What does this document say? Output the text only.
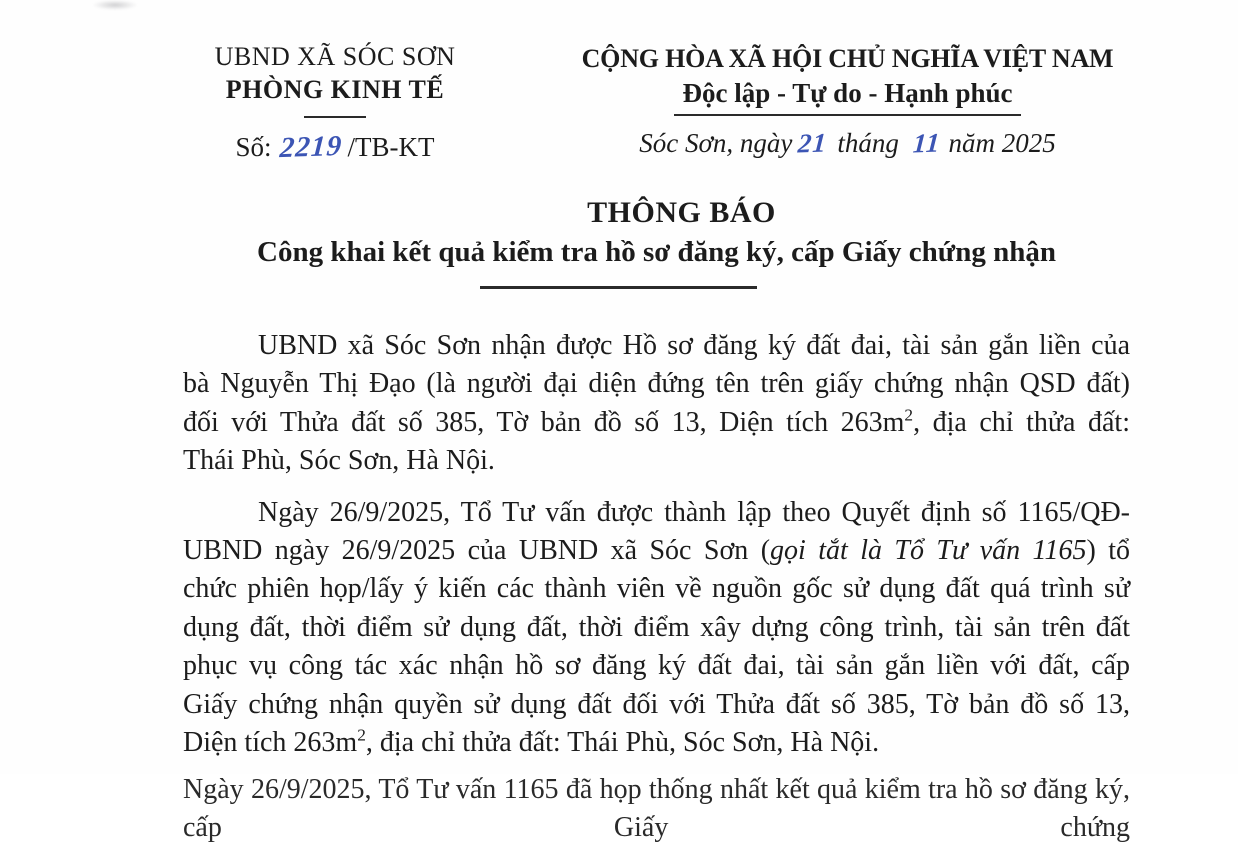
UBND XÃ SÓC SƠN
PHÒNG KINH TẾ
Số: 2219 /TB-KT
CỘNG HÒA XÃ HỘI CHỦ NGHĨA VIỆT NAM
Độc lập - Tự do - Hạnh phúc
Sóc Sơn, ngày 21 tháng 11 năm 2025
THÔNG BÁO
Công khai kết quả kiểm tra hồ sơ đăng ký, cấp Giấy chứng nhận
UBND xã Sóc Sơn nhận được Hồ sơ đăng ký đất đai, tài sản gắn liền của
bà Nguyễn Thị Đạo (là người đại diện đứng tên trên giấy chứng nhận QSD đất)
đối với Thửa đất số 385, Tờ bản đồ số 13, Diện tích $263m^2$, địa chỉ thửa đất:
Thái Phù, Sóc Sơn, Hà Nội.
Ngày 26/9/2025, Tổ Tư vấn được thành lập theo Quyết định số 1165/QĐ-
UBND ngày 26/9/2025 của UBND xã Sóc Sơn (gọi tắt là Tổ Tư vấn 1165) tổ
chức phiên họp/lấy ý kiến các thành viên về nguồn gốc sử dụng đất quá trình sử
dụng đất, thời điểm sử dụng đất, thời điểm xây dựng công trình, tài sản trên đất
phục vụ công tác xác nhận hồ sơ đăng ký đất đai, tài sản gắn liền với đất, cấp
Giấy chứng nhận quyền sử dụng đất đối với Thửa đất số 385, Tờ bản đồ số 13,
Diện tích $263m^2$, địa chỉ thửa đất: Thái Phù, Sóc Sơn, Hà Nội.
Ngày 26/9/2025, Tổ Tư vấn 1165 đã họp thống nhất kết quả kiểm tra hồ sơ đăng ký, cấp Giấy chứng
